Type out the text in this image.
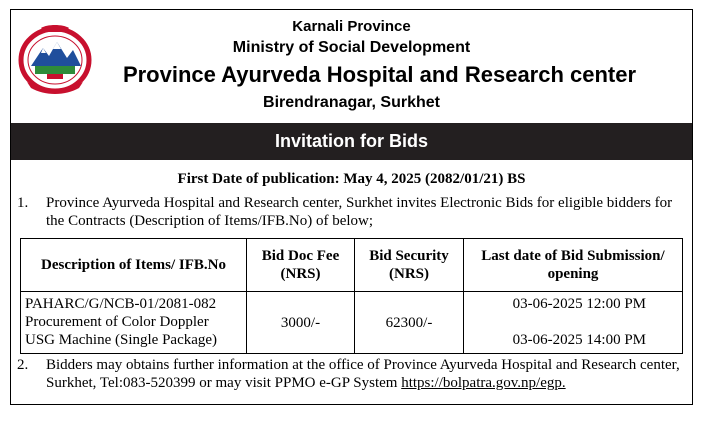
Karnali Province
Ministry of Social Development
Province Ayurveda Hospital and Research center
Birendranagar, Surkhet
Invitation for Bids
First Date of publication: May 4, 2025 (2082/01/21) BS
1. Province Ayurveda Hospital and Research center, Surkhet invites Electronic Bids for eligible bidders for the Contracts (Description of Items/IFB.No) of below;
Description of Items/ IFB.No	Bid Doc Fee (NRS)	Bid Security (NRS)	Last date of Bid Submission/ opening

PAHARC/G/NCB-01/2081-082
Procurement of Color Doppler
USG Machine (Single Package)	3000/-	62300/-	03-06-2025 12:00 PM
03-06-2025 14:00 PM
2. Bidders may obtains further information at the office of Province Ayurveda Hospital and Research center, Surkhet, Tel:083-520399 or may visit PPMO e-GP System https://bolpatra.gov.np/egp.
